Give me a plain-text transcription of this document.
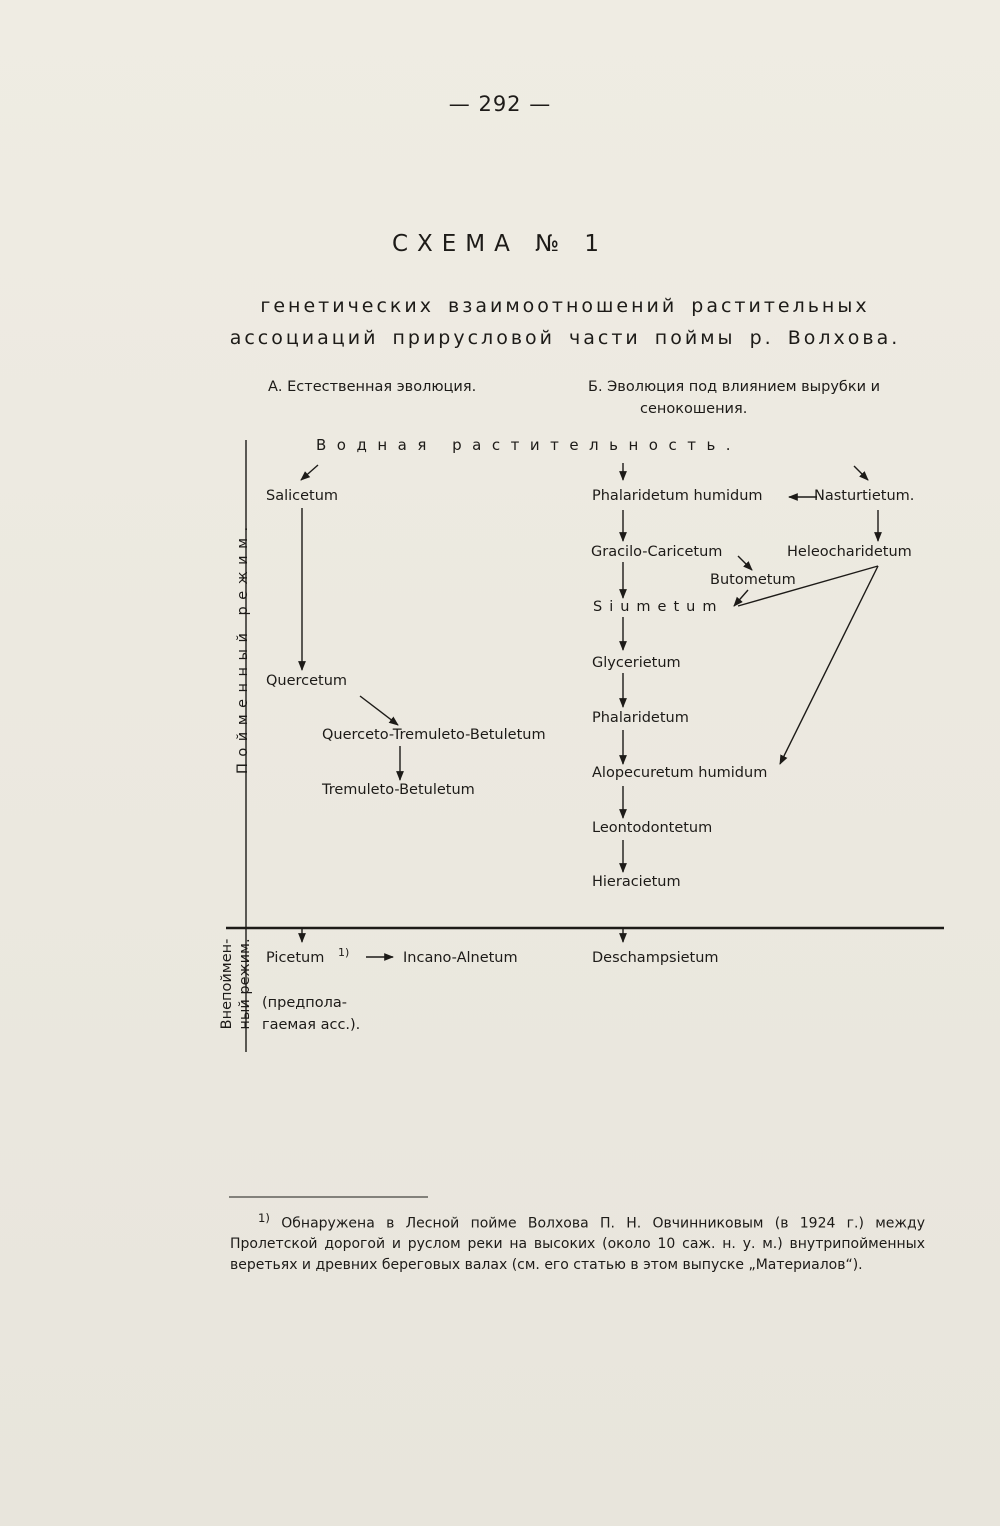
— 292 —
СХЕМА № 1
генетических взаимоотношений растительных ассоциаций прирусловой части поймы р. Волхова.
А. Естественная эволюция.	Б. Эволюция под влиянием вырубки и
сенокошения.
Водная растительность.
Пойменный режим.
Внепоймен- ный режим.
Salicetum
Quercetum
Querceto-Tremuleto-Betuletum
Tremuleto-Betuletum
Phalaridetum humidum	Nasturtietum.
Gracilo-Caricetum	Heleocharidetum
Butometum
Siumetum
Glycerietum
Phalaridetum
Alopecuretum humidum
Leontodontetum
Hieracietum
Picetum 1)	Incano-Alnetum	Deschampsietum
(предпола-
гаемая асс.).
$^{1)}$ Обнаружена в Лесной пойме Волхова П. Н. Овчинниковым (в 1924 г.) между Пролетской дорогой и руслом реки на высоких (около 10 саж. н. у. м.) внутрипойменных веретьях и древних береговых валах (см. его статью в этом выпуске „Материалов“).
